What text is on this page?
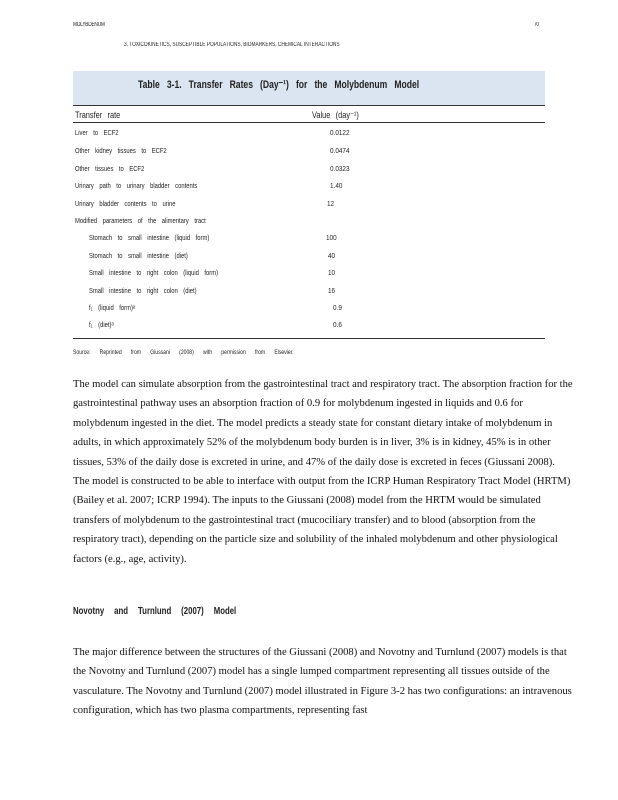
MOLYBDENUM	70
3. TOXICOKINETICS, SUSCEPTIBLE POPULATIONS, BIOMARKERS, CHEMICAL INTERACTIONS
Table 3-1. Transfer Rates (Day⁻¹) for the Molybdenum Model
Transfer rate	Value (day⁻¹)
Liver to ECF2	0.0122
Other kidney tissues to ECF2	0.0474
Other tissues to ECF2	0.0323
Urinary path to urinary bladder contents	1.40
Urinary bladder contents to urine	12
Modified parameters of the alimentary tract
Stomach to small intestine (liquid form)	100
Stomach to small intestine (diet)	40
Small intestine to right colon (liquid form)	10
Small intestine to right colon (diet)	16
f₁ (liquid form)ᵃ	0.9
f₁ (diet)ᵃ	0.6
Source: Reprinted from Giussani (2008) with permission from Elsevier.
The model can simulate absorption from the gastrointestinal tract and respiratory tract. The absorption fraction for the gastrointestinal pathway uses an absorption fraction of 0.9 for molybdenum ingested in liquids and 0.6 for molybdenum ingested in the diet. The model predicts a steady state for constant dietary intake of molybdenum in adults, in which approximately 52% of the molybdenum body burden is in liver, 3% is in kidney, 45% is in other tissues, 53% of the daily dose is excreted in urine, and 47% of the daily dose is excreted in feces (Giussani 2008). The model is constructed to be able to interface with output from the ICRP Human Respiratory Tract Model (HRTM) (Bailey et al. 2007; ICRP 1994). The inputs to the Giussani (2008) model from the HRTM would be simulated transfers of molybdenum to the gastrointestinal tract (mucociliary transfer) and to blood (absorption from the respiratory tract), depending on the particle size and solubility of the inhaled molybdenum and other physiological factors (e.g., age, activity).
Novotny and Turnlund (2007) Model
The major difference between the structures of the Giussani (2008) and Novotny and Turnlund (2007) models is that the Novotny and Turnlund (2007) model has a single lumped compartment representing all tissues outside of the vasculature. The Novotny and Turnlund (2007) model illustrated in Figure 3-2 has two configurations: an intravenous configuration, which has two plasma compartments, representing fast
